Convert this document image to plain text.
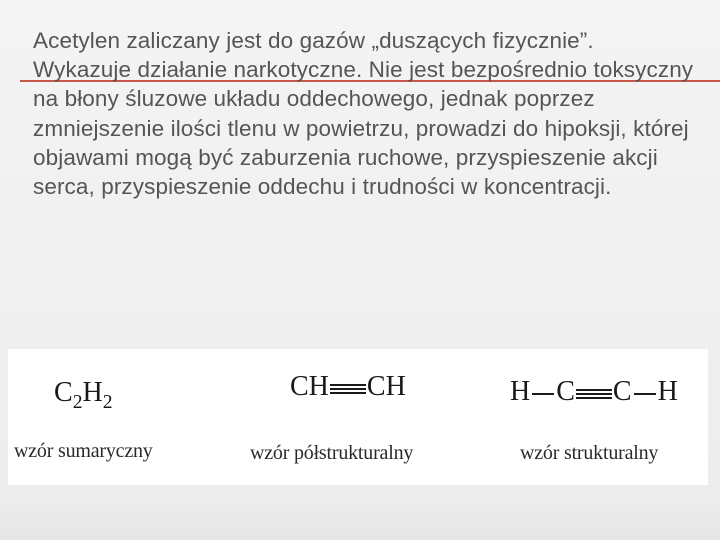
Acetylen zaliczany jest do gazów „duszących fizycznie”. Wykazuje działanie narkotyczne. Nie jest bezpośrednio toksyczny na błony śluzowe układu oddechowego, jednak poprzez zmniejszenie ilości tlenu w powietrzu, prowadzi do hipoksji, której objawami mogą być zaburzenia ruchowe, przyspieszenie akcji serca, przyspieszenie oddechu i trudności w koncentracji.
$C_2H_2$
wzór sumaryczny
CH CH
wzór półstrukturalny
H C C H
wzór strukturalny
